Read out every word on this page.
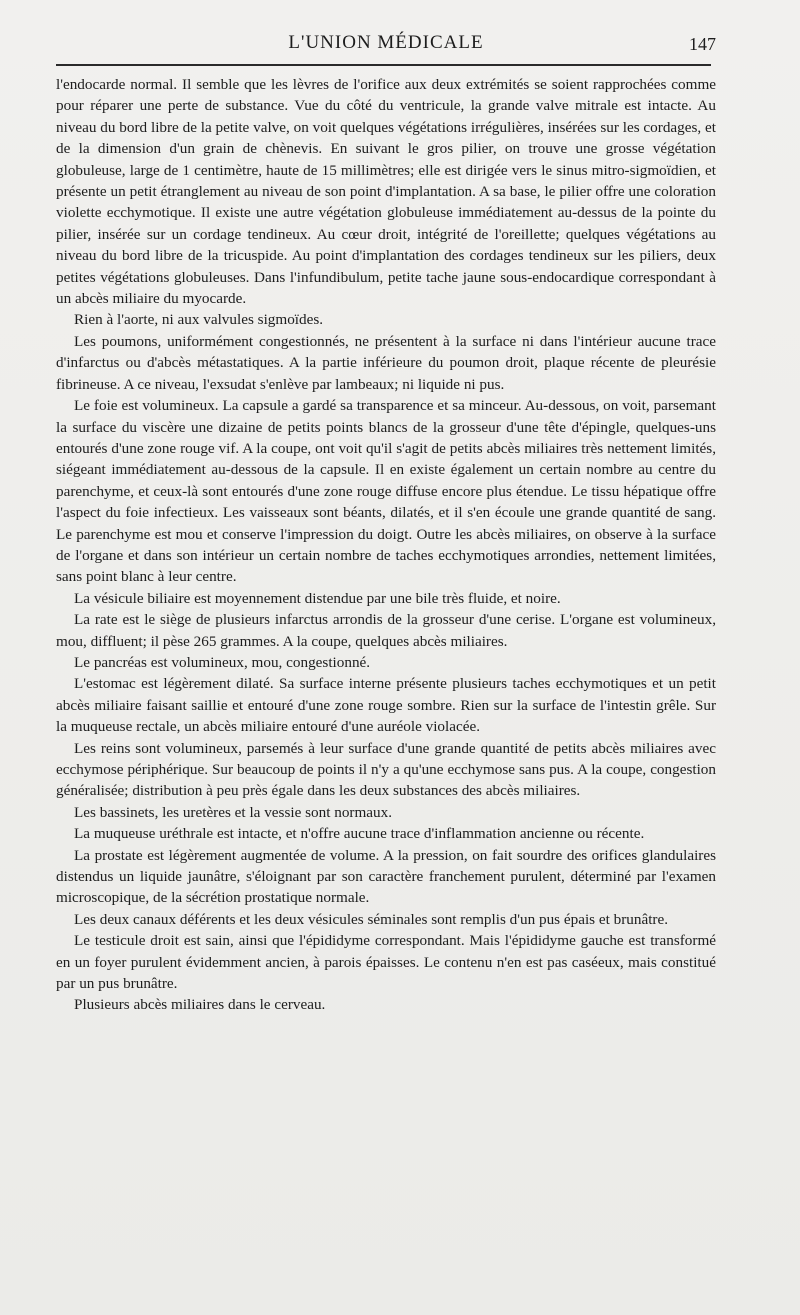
L'UNION MÉDICALE	147

l'endocarde normal. Il semble que les lèvres de l'orifice aux deux extrémités se soient rapprochées comme pour réparer une perte de substance. Vue du côté du ventricule, la grande valve mitrale est intacte. Au niveau du bord libre de la petite valve, on voit quelques végétations irrégulières, insérées sur les cordages, et de la dimension d'un grain de chènevis. En suivant le gros pilier, on trouve une grosse végétation globuleuse, large de 1 centimètre, haute de 15 millimètres; elle est dirigée vers le sinus mitro-sigmoïdien, et présente un petit étranglement au niveau de son point d'implantation. A sa base, le pilier offre une coloration violette ecchymotique. Il existe une autre végétation globuleuse immédiatement au-dessus de la pointe du pilier, insérée sur un cordage tendineux. Au cœur droit, intégrité de l'oreillette; quelques végétations au niveau du bord libre de la tricuspide. Au point d'implantation des cordages tendineux sur les piliers, deux petites végétations globuleuses. Dans l'infundibulum, petite tache jaune sous-endocardique correspondant à un abcès miliaire du myocarde.

Rien à l'aorte, ni aux valvules sigmoïdes.

Les poumons, uniformément congestionnés, ne présentent à la surface ni dans l'intérieur aucune trace d'infarctus ou d'abcès métastatiques. A la partie inférieure du poumon droit, plaque récente de pleurésie fibrineuse. A ce niveau, l'exsudat s'enlève par lambeaux; ni liquide ni pus.

Le foie est volumineux. La capsule a gardé sa transparence et sa minceur. Au-dessous, on voit, parsemant la surface du viscère une dizaine de petits points blancs de la grosseur d'une tête d'épingle, quelques-uns entourés d'une zone rouge vif. A la coupe, ont voit qu'il s'agit de petits abcès miliaires très nettement limités, siégeant immédiatement au-dessous de la capsule. Il en existe également un certain nombre au centre du parenchyme, et ceux-là sont entourés d'une zone rouge diffuse encore plus étendue. Le tissu hépatique offre l'aspect du foie infectieux. Les vaisseaux sont béants, dilatés, et il s'en écoule une grande quantité de sang. Le parenchyme est mou et conserve l'impression du doigt. Outre les abcès miliaires, on observe à la surface de l'organe et dans son intérieur un certain nombre de taches ecchymotiques arrondies, nettement limitées, sans point blanc à leur centre.

La vésicule biliaire est moyennement distendue par une bile très fluide, et noire.

La rate est le siège de plusieurs infarctus arrondis de la grosseur d'une cerise. L'organe est volumineux, mou, diffluent; il pèse 265 grammes. A la coupe, quelques abcès miliaires.

Le pancréas est volumineux, mou, congestionné.

L'estomac est légèrement dilaté. Sa surface interne présente plusieurs taches ecchymotiques et un petit abcès miliaire faisant saillie et entouré d'une zone rouge sombre. Rien sur la surface de l'intestin grêle. Sur la muqueuse rectale, un abcès miliaire entouré d'une auréole violacée.

Les reins sont volumineux, parsemés à leur surface d'une grande quantité de petits abcès miliaires avec ecchymose périphérique. Sur beaucoup de points il n'y a qu'une ecchymose sans pus. A la coupe, congestion généralisée; distribution à peu près égale dans les deux substances des abcès miliaires.

Les bassinets, les uretères et la vessie sont normaux.

La muqueuse uréthrale est intacte, et n'offre aucune trace d'inflammation ancienne ou récente.

La prostate est légèrement augmentée de volume. A la pression, on fait sourdre des orifices glandulaires distendus un liquide jaunâtre, s'éloignant par son caractère franchement purulent, déterminé par l'examen microscopique, de la sécrétion prostatique normale.

Les deux canaux déférents et les deux vésicules séminales sont remplis d'un pus épais et brunâtre.

Le testicule droit est sain, ainsi que l'épididyme correspondant. Mais l'épididyme gauche est transformé en un foyer purulent évidemment ancien, à parois épaisses. Le contenu n'en est pas caséeux, mais constitué par un pus brunâtre.

Plusieurs abcès miliaires dans le cerveau.
